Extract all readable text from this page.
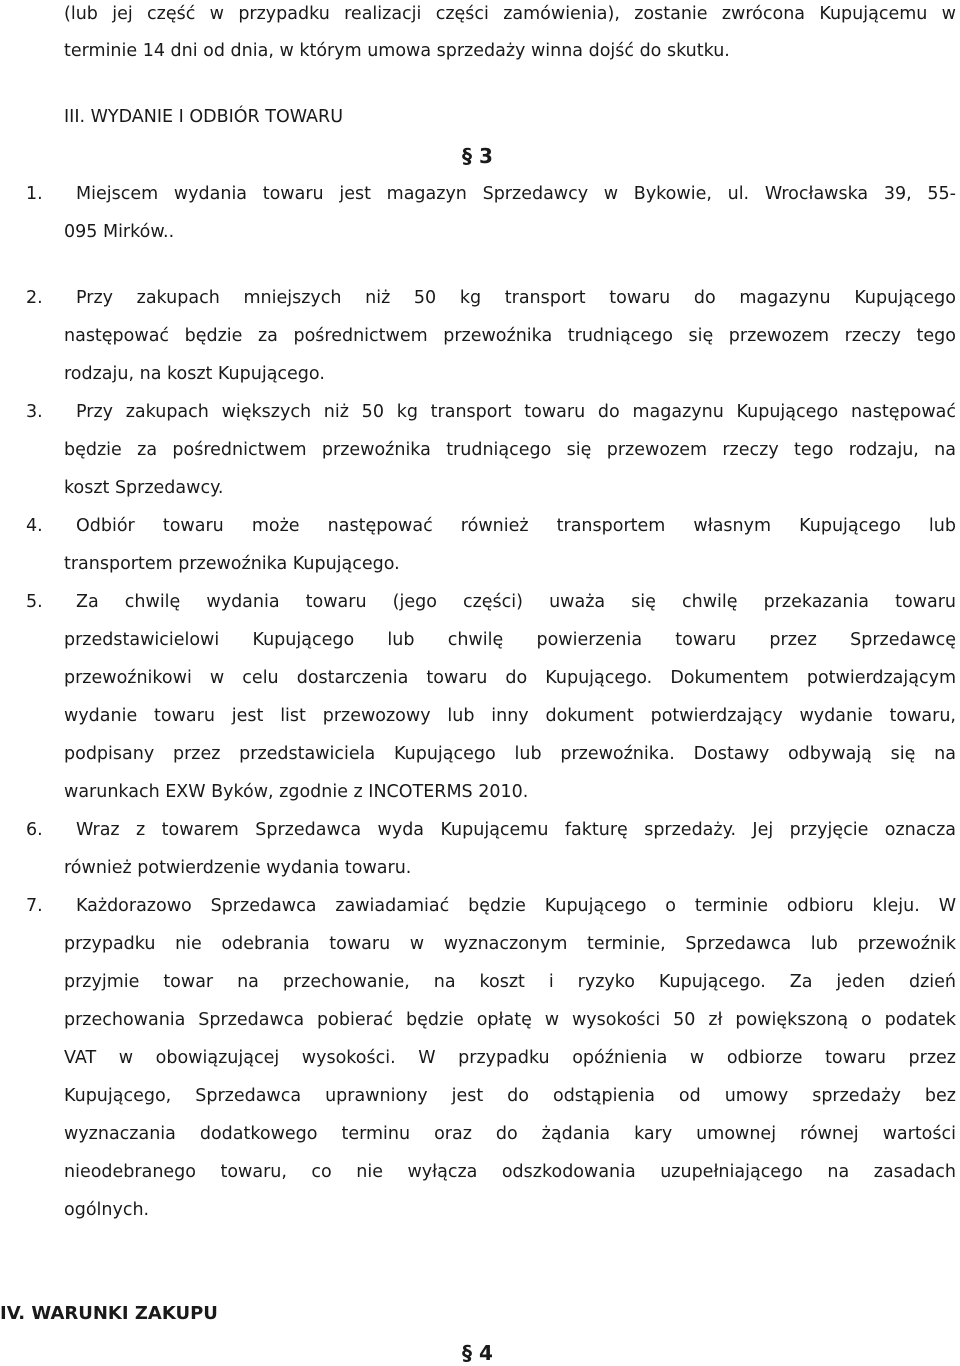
(lub jej część w przypadku realizacji części zamówienia), zostanie zwrócona Kupującemu w
terminie 14 dni od dnia, w którym umowa sprzedaży winna dojść do skutku.
III. WYDANIE I ODBIÓR TOWARU
§ 3
1. Miejscem wydania towaru jest magazyn Sprzedawcy w Bykowie, ul. Wrocławska 39, 55-
095 Mirków..
2. Przy zakupach mniejszych niż 50 kg transport towaru do magazynu Kupującego
następować będzie za pośrednictwem przewoźnika trudniącego się przewozem rzeczy tego
rodzaju, na koszt Kupującego.
3. Przy zakupach większych niż 50 kg transport towaru do magazynu Kupującego następować
będzie za pośrednictwem przewoźnika trudniącego się przewozem rzeczy tego rodzaju, na
koszt Sprzedawcy.
4. Odbiór towaru może następować również transportem własnym Kupującego lub
transportem przewoźnika Kupującego.
5. Za chwilę wydania towaru (jego części) uważa się chwilę przekazania towaru
przedstawicielowi Kupującego lub chwilę powierzenia towaru przez Sprzedawcę
przewoźnikowi w celu dostarczenia towaru do Kupującego. Dokumentem potwierdzającym
wydanie towaru jest list przewozowy lub inny dokument potwierdzający wydanie towaru,
podpisany przez przedstawiciela Kupującego lub przewoźnika. Dostawy odbywają się na
warunkach EXW Byków, zgodnie z INCOTERMS 2010.
6. Wraz z towarem Sprzedawca wyda Kupującemu fakturę sprzedaży. Jej przyjęcie oznacza
również potwierdzenie wydania towaru.
7. Każdorazowo Sprzedawca zawiadamiać będzie Kupującego o terminie odbioru kleju. W
przypadku nie odebrania towaru w wyznaczonym terminie, Sprzedawca lub przewoźnik
przyjmie towar na przechowanie, na koszt i ryzyko Kupującego. Za jeden dzień
przechowania Sprzedawca pobierać będzie opłatę w wysokości 50 zł powiększoną o podatek
VAT w obowiązującej wysokości. W przypadku opóźnienia w odbiorze towaru przez
Kupującego, Sprzedawca uprawniony jest do odstąpienia od umowy sprzedaży bez
wyznaczania dodatkowego terminu oraz do żądania kary umownej równej wartości
nieodebranego towaru, co nie wyłącza odszkodowania uzupełniającego na zasadach
ogólnych.
IV. WARUNKI ZAKUPU
§ 4
